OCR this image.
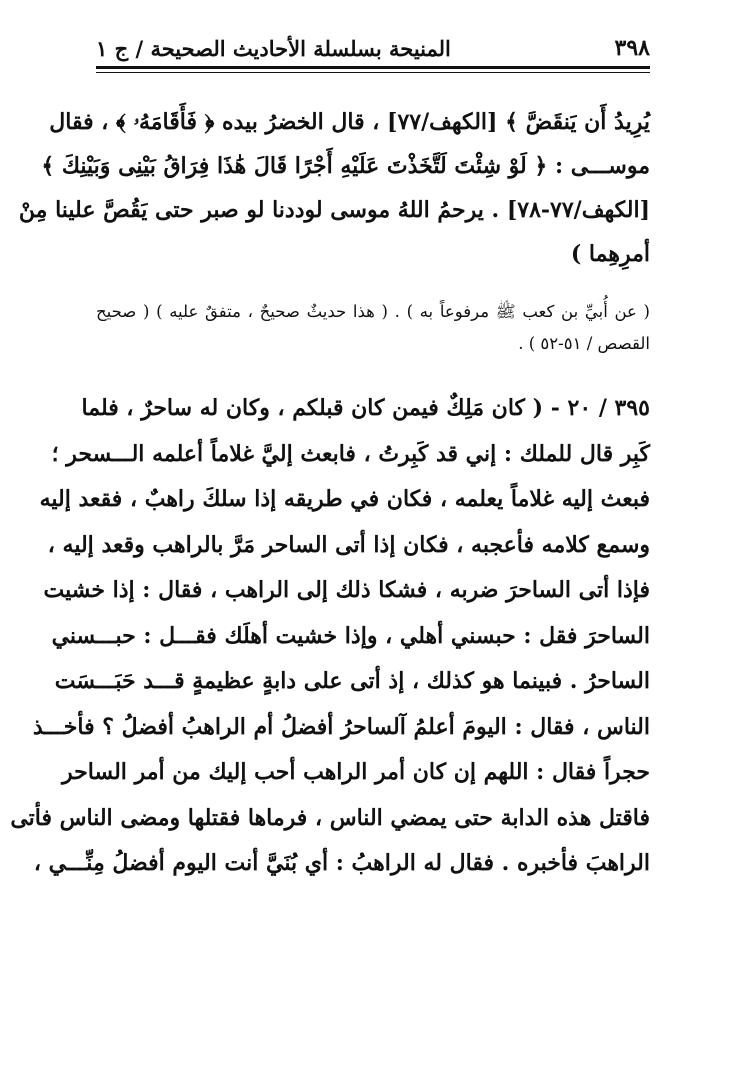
٣٩٨
المنيحة بسلسلة الأحاديث الصحيحة / ج ١
يُرِيدُ أَن يَنقَضَّ ﴾ [الكهف/٧٧] ، قال الخضرُ بيده ﴿ فَأَقَامَهُۥ ﴾ ، فقال
موســـى : ﴿ لَوْ شِئْتَ لَتَّخَذْتَ عَلَيْهِ أَجْرًا قَالَ هَٰذَا فِرَاقُ بَيْنِى وَبَيْنِكَ ﴾
[الكهف/٧٧-٧٨] . يرحمُ اللهُ موسى لوددنا لو صبر حتى يَقُصَّ علينا مِنْ
أمرِهِما )
( عن أُبيِّ بن كعب ﷺ مرفوعاً به ) . ( هذا حديثٌ صحيحٌ ، متفقٌ عليه ) ( صحيح
القصص / ٥١-٥٢ ) .
٣٩٥ / ٢٠ - ( كان مَلِكٌ فيمن كان قبلكم ، وكان له ساحرٌ ، فلما
كَبِر قال للملك : إني قد كَبِرتُ ، فابعث إليَّ غلاماً أعلمه الـــسحر ؛
فبعث إليه غلاماً يعلمه ، فكان في طريقه إذا سلكَ راهبٌ ، فقعد إليه
وسمع كلامه فأعجبه ، فكان إذا أتى الساحر مَرَّ بالراهب وقعد إليه ،
فإذا أتى الساحرَ ضربه ، فشكا ذلك إلى الراهب ، فقال : إذا خشيت
الساحرَ فقل : حبسني أهلي ، وإذا خشيت أهلَك فقـــل : حبـــسني
الساحرُ . فبينما هو كذلك ، إذ أتى على دابةٍ عظيمةٍ قـــد حَبَـــسَت
الناس ، فقال : اليومَ أعلمُ آلساحرُ أفضلُ أم الراهبُ أفضلُ ؟ فأخـــذ
حجراً فقال : اللهم إن كان أمر الراهب أحب إليك من أمر الساحر
فاقتل هذه الدابة حتى يمضي الناس ، فرماها فقتلها ومضى الناس فأتى
الراهبَ فأخبره . فقال له الراهبُ : أي بُنَيَّ أنت اليوم أفضلُ مِنِّـــي ،
